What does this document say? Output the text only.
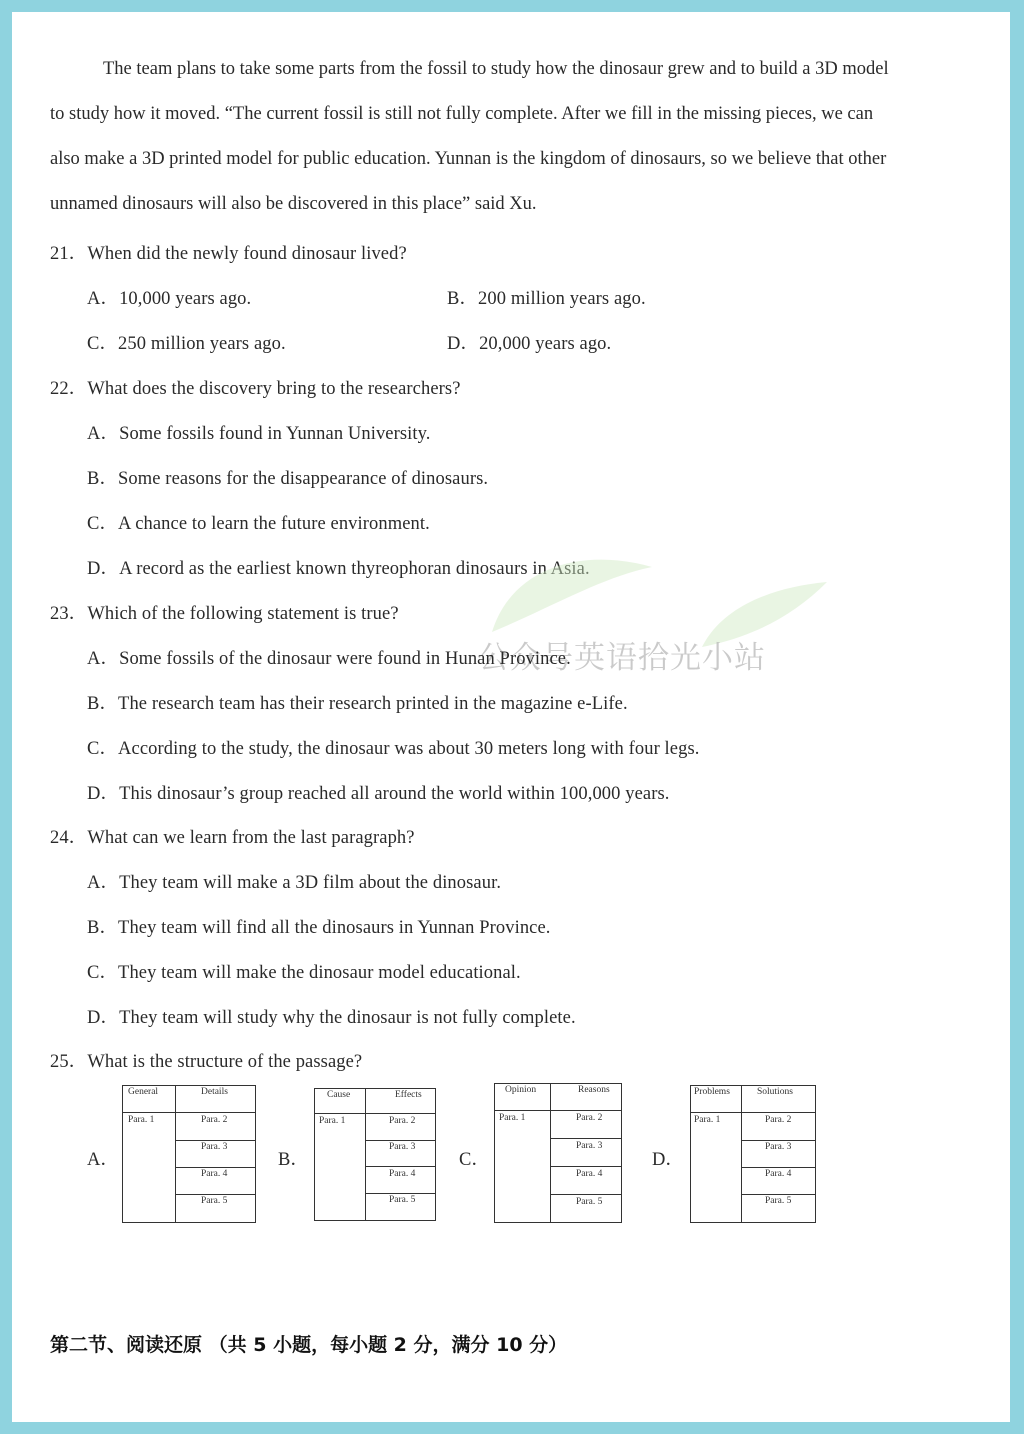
The team plans to take some parts from the fossil to study how the dinosaur grew and to build a 3D model
to study how it moved. “The current fossil is still not fully complete. After we fill in the missing pieces, we can
also make a 3D printed model for public education. Yunnan is the kingdom of dinosaurs, so we believe that other
unnamed dinosaurs will also be discovered in this place” said Xu.
21．When did the newly found dinosaur lived?
A．10,000 years ago.	B．200 million years ago.
C．250 million years ago.	D．20,000 years ago.
22．What does the discovery bring to the researchers?
A．Some fossils found in Yunnan University.
B．Some reasons for the disappearance of dinosaurs.
C．A chance to learn the future environment.
D．A record as the earliest known thyreophoran dinosaurs in Asia.
公众号英语拾光小站
23．Which of the following statement is true?
A．Some fossils of the dinosaur were found in Hunan Province.
B．The research team has their research printed in the magazine e-Life.
C．According to the study, the dinosaur was about 30 meters long with four legs.
D．This dinosaur’s group reached all around the world within 100,000 years.
24．What can we learn from the last paragraph?
A．They team will make a 3D film about the dinosaur.
B．They team will find all the dinosaurs in Yunnan Province.
C．They team will make the dinosaur model educational.
D．They team will study why the dinosaur is not fully complete.
25．What is the structure of the passage?
A．
General	Details
Para. 1	Para. 2
Para. 3
Para. 4
Para. 5
B．
Cause	Effects
Para. 1	Para. 2
Para. 3
Para. 4
Para. 5
C．
Opinion	Reasons
Para. 1	Para. 2
Para. 3
Para. 4
Para. 5
D．
Problems	Solutions
Para. 1	Para. 2
Para. 3
Para. 4
Para. 5
第二节、阅读还原 （共 5 小题，每小题 2 分，满分 10 分）
